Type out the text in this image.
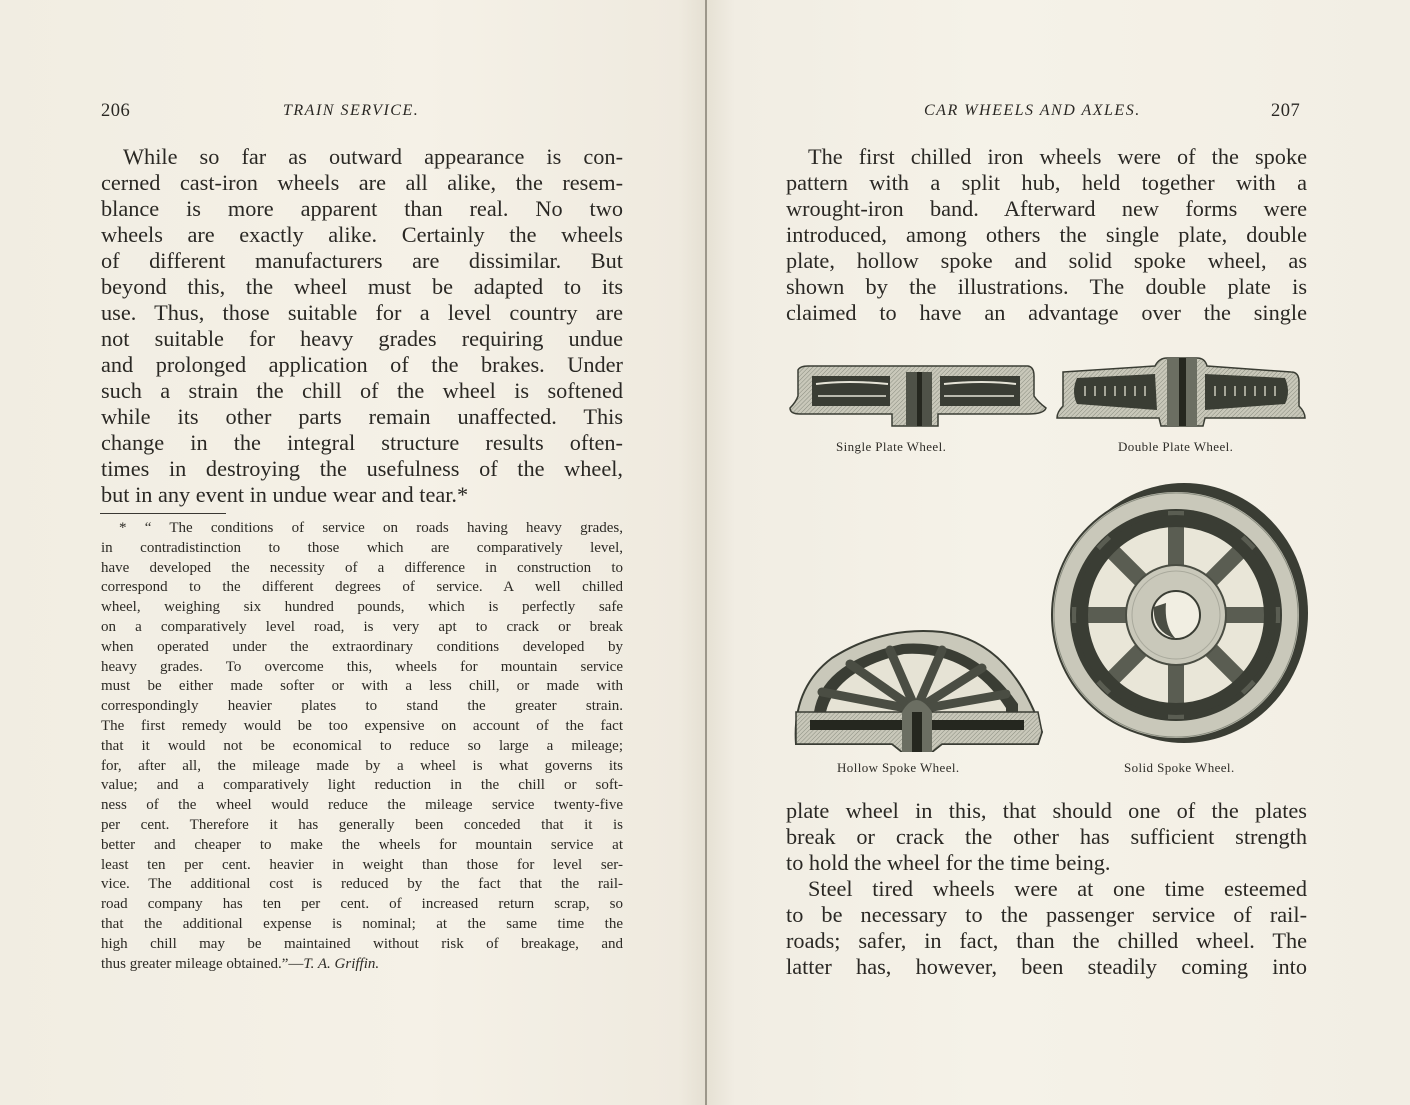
206	TRAIN SERVICE.
While so far as outward appearance is con-
cerned cast-iron wheels are all alike, the resem-
blance is more apparent than real. No two
wheels are exactly alike. Certainly the wheels
of different manufacturers are dissimilar. But
beyond this, the wheel must be adapted to its
use. Thus, those suitable for a level country are
not suitable for heavy grades requiring undue
and prolonged application of the brakes. Under
such a strain the chill of the wheel is softened
while its other parts remain unaffected. This
change in the integral structure results often-
times in destroying the usefulness of the wheel,
but in any event in undue wear and tear.*
* “ The conditions of service on roads having heavy grades,
in contradistinction to those which are comparatively level,
have developed the necessity of a difference in construction to
correspond to the different degrees of service. A well chilled
wheel, weighing six hundred pounds, which is perfectly safe
on a comparatively level road, is very apt to crack or break
when operated under the extraordinary conditions developed by
heavy grades. To overcome this, wheels for mountain service
must be either made softer or with a less chill, or made with
correspondingly heavier plates to stand the greater strain.
The first remedy would be too expensive on account of the fact
that it would not be economical to reduce so large a mileage;
for, after all, the mileage made by a wheel is what governs its
value; and a comparatively light reduction in the chill or soft-
ness of the wheel would reduce the mileage service twenty-five
per cent. Therefore it has generally been conceded that it is
better and cheaper to make the wheels for mountain service at
least ten per cent. heavier in weight than those for level ser-
vice. The additional cost is reduced by the fact that the rail-
road company has ten per cent. of increased return scrap, so
that the additional expense is nominal; at the same time the
high chill may be maintained without risk of breakage, and
thus greater mileage obtained.”—T. A. Griffin.
CAR WHEELS AND AXLES.	207
The first chilled iron wheels were of the spoke
pattern with a split hub, held together with a
wrought-iron band. Afterward new forms were
introduced, among others the single plate, double
plate, hollow spoke and solid spoke wheel, as
shown by the illustrations. The double plate is
claimed to have an advantage over the single
Single Plate Wheel.	Double Plate Wheel.
Hollow Spoke Wheel.	Solid Spoke Wheel.
plate wheel in this, that should one of the plates
break or crack the other has sufficient strength
to hold the wheel for the time being.
Steel tired wheels were at one time esteemed
to be necessary to the passenger service of rail-
roads; safer, in fact, than the chilled wheel. The
latter has, however, been steadily coming into
